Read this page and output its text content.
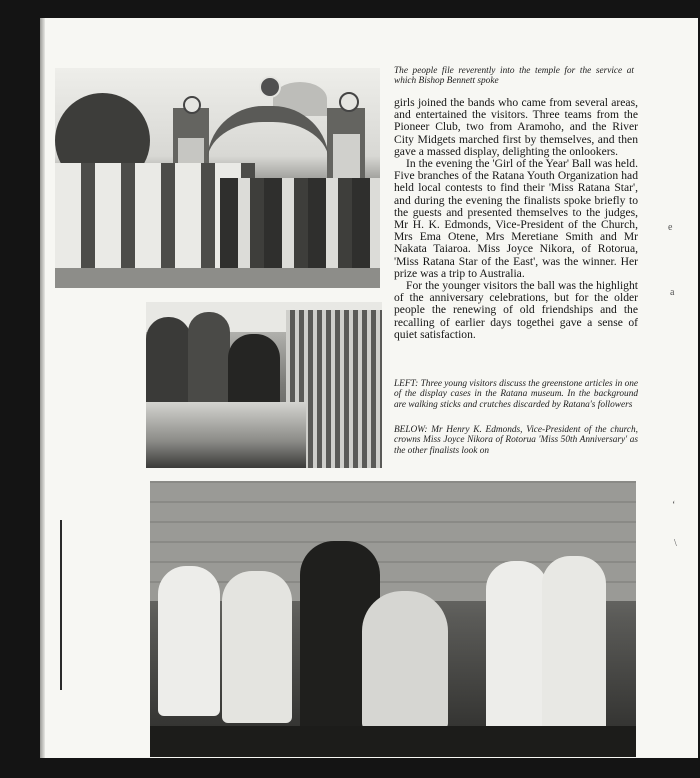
The people file reverently into the temple for the service at which Bishop Bennett spoke
LEFT: Three young visitors discuss the greenstone articles in one of the display cases in the Ratana museum. In the background are walking sticks and crutches discarded by Ratana's followers
BELOW: Mr Henry K. Edmonds, Vice-President of the church, crowns Miss Joyce Nikora of Rotorua 'Miss 50th Anniversary' as the other finalists look on

girls joined the bands who came from several areas, and entertained the visitors. Three teams from the Pioneer Club, two from Aramoho, and the River City Midgets marched first by themselves, and then gave a massed display, delighting the onlookers.

In the evening the 'Girl of the Year' Ball was held. Five branches of the Ratana Youth Organization had held local contests to find their 'Miss Ratana Star', and during the evening the finalists spoke briefly to the guests and presented themselves to the judges, Mr H. K. Edmonds, Vice-President of the Church, Mrs Ema Otene, Mrs Meretiane Smith and Mr Nakata Taiaroa. Miss Joyce Nikora, of Rotorua, 'Miss Ratana Star of the East', was the winner. Her prize was a trip to Australia.

For the younger visitors the ball was the highlight of the anniversary celebrations, but for the older people the renewing of old friendships and the recalling of earlier days togethei gave a sense of quiet satisfaction.

e
a
ʻ
\
